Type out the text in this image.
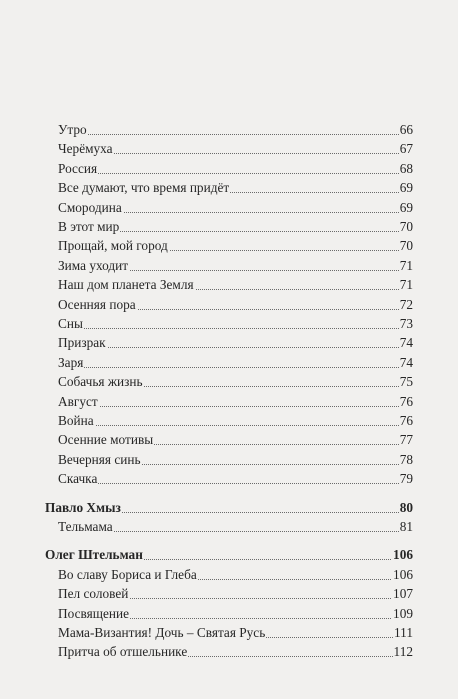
Утро	66
Черёмуха	67
Россия	68
Все думают, что время придёт	69
Смородина	69
В этот мир	70
Прощай, мой город	70
Зима уходит	71
Наш дом планета Земля	71
Осенняя пора	72
Сны	73
Призрак	74
Заря	74
Собачья жизнь	75
Август	76
Война	76
Осенние мотивы	77
Вечерняя синь	78
Скачка	79
Павло Хмыз	80
Тельмама	81
Олег Штельман	106
Во славу Бориса и Глеба	106
Пел соловей	107
Посвящение	109
Мама-Византия! Дочь – Святая Русь	111
Притча об отшельнике	112
